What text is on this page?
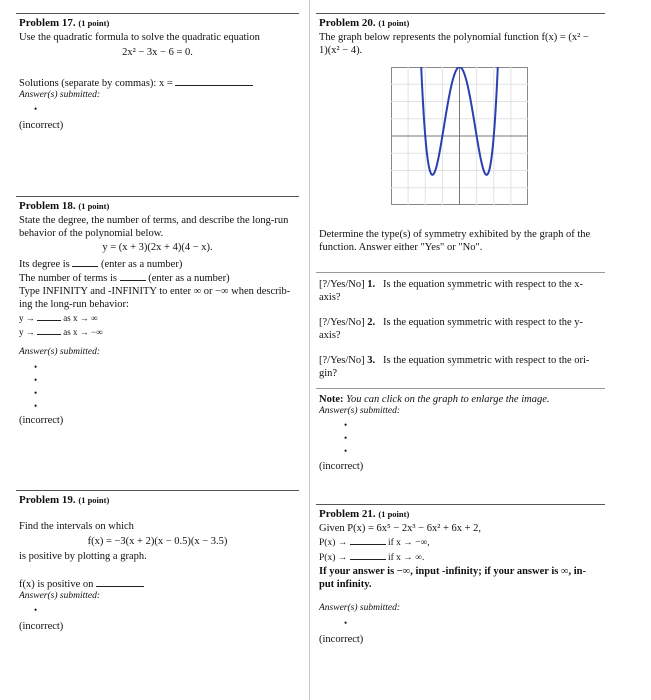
Problem 17. (1 point)
Use the quadratic formula to solve the quadratic equation
2x² − 3x − 6 = 0.
Solutions (separate by commas): x =
Answer(s) submitted:
•
(incorrect)
Problem 18. (1 point)
State the degree, the number of terms, and describe the long-run
behavior of the polynomial below.
y = (x + 3)(2x + 4)(4 − x).
Its degree is	(enter as a number)
The number of terms is	(enter as a number)
Type INFINITY and -INFINITY to enter ∞ or −∞ when describ-
ing the long-run behavior:
y →	as x → ∞
y →	as x → −∞
Answer(s) submitted:
•
•
•
•
(incorrect)
Problem 19. (1 point)
Find the intervals on which
f(x) = −3(x + 2)(x − 0.5)(x − 3.5)
is positive by plotting a graph.
f(x) is positive on
Answer(s) submitted:
•
(incorrect)
Problem 20. (1 point)
The graph below represents the polynomial function f(x) = (x² −
1)(x² − 4).
Determine the type(s) of symmetry exhibited by the graph of the
function. Answer either "Yes" or "No".
[?/Yes/No] 1. Is the equation symmetric with respect to the x-
axis?
[?/Yes/No] 2. Is the equation symmetric with respect to the y-
axis?
[?/Yes/No] 3. Is the equation symmetric with respect to the ori-
gin?
Note: You can click on the graph to enlarge the image.
Answer(s) submitted:
•
•
•
(incorrect)
Problem 21. (1 point)
Given P(x) = 6x⁵ − 2x³ − 6x² + 6x + 2,
P(x) →	if x → −∞,
P(x) →	if x → ∞.
If your answer is −∞, input -infinity; if your answer is ∞, in-
put infinity.
Answer(s) submitted:
•
(incorrect)
